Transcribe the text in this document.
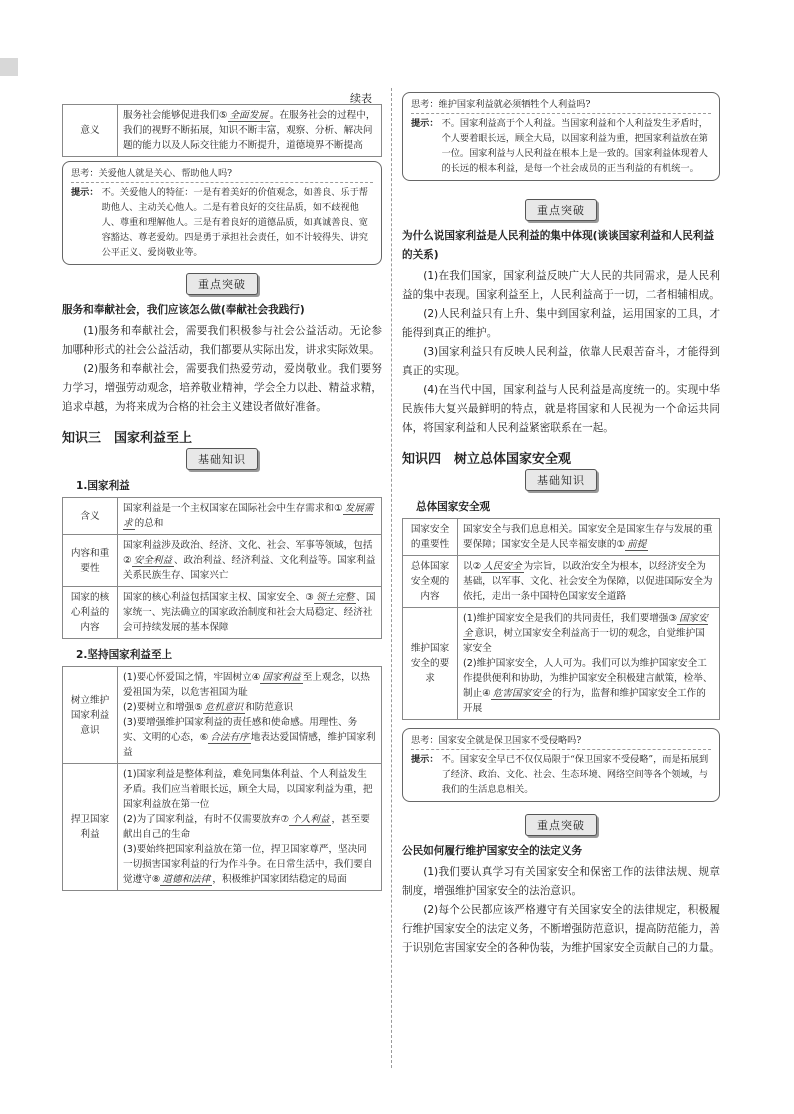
续表
意义	服务社会能够促进我们⑤ 全面发展 。在服务社会的过程中，我们的视野不断拓展，知识不断丰富，观察、分析、解决问题的能力以及人际交往能力不断提升，道德境界不断提高
思考：关爱他人就是关心、帮助他人吗?
提示： 不。关爱他人的特征：一是有着美好的价值观念，如善良、乐于帮助他人、主动关心他人。二是有着良好的交往品质，如不歧视他人、尊重和理解他人。三是有着良好的道德品质，如真诚善良、宽容豁达、尊老爱幼。四是勇于承担社会责任，如不计较得失、讲究公平正义、爱岗敬业等。
重点突破
服务和奉献社会，我们应该怎么做(奉献社会我践行)

(1)服务和奉献社会，需要我们积极参与社会公益活动。无论参加哪种形式的社会公益活动，我们都要从实际出发，讲求实际效果。

(2)服务和奉献社会，需要我们热爱劳动，爱岗敬业。我们要努力学习，增强劳动观念，培养敬业精神，学会全力以赴、精益求精，追求卓越，为将来成为合格的社会主义建设者做好准备。

知识三　国家利益至上
基础知识
1.国家利益
含义	国家利益是一个主权国家在国际社会中生存需求和① 发展需求 的总和
内容和重要性	国家利益涉及政治、经济、文化、社会、军事等领域，包括② 安全利益 、政治利益、经济利益、文化利益等。国家利益关系民族生存、国家兴亡
国家的核心利益的内容	国家的核心利益包括国家主权、国家安全、③ 领土完整 、国家统一、宪法确立的国家政治制度和社会大局稳定、经济社会可持续发展的基本保障
2.坚持国家利益至上
树立维护国家利益意识	(1)要心怀爱国之情，牢固树立④ 国家利益 至上观念，以热爱祖国为荣，以危害祖国为耻
(2)要树立和增强⑤ 危机意识 和防范意识
(3)要增强维护国家利益的责任感和使命感。用理性、务实、文明的心态，⑥ 合法有序 地表达爱国情感，维护国家利益

捍卫国家利益	(1)国家利益是整体利益，难免同集体利益、个人利益发生矛盾。我们应当着眼长远，顾全大局，以国家利益为重，把国家利益放在第一位
(2)为了国家利益，有时不仅需要放弃⑦ 个人利益 ，甚至要献出自己的生命
(3)要始终把国家利益放在第一位，捍卫国家尊严，坚决同一切损害国家利益的行为作斗争。在日常生活中，我们要自觉遵守⑧ 道德和法律 ，积极维护国家团结稳定的局面
思考：维护国家利益就必须牺牲个人利益吗?
提示： 不。国家利益高于个人利益。当国家利益和个人利益发生矛盾时，个人要着眼长远，顾全大局，以国家利益为重，把国家利益放在第一位。国家利益与人民利益在根本上是一致的。国家利益体现着人的长远的根本利益，是每一个社会成员的正当利益的有机统一。
重点突破
为什么说国家利益是人民利益的集中体现(谈谈国家利益和人民利益的关系)

(1)在我们国家，国家利益反映广大人民的共同需求，是人民利益的集中表现。国家利益至上，人民利益高于一切，二者相辅相成。

(2)人民利益只有上升、集中到国家利益，运用国家的工具，才能得到真正的维护。

(3)国家利益只有反映人民利益，依靠人民艰苦奋斗，才能得到真正的实现。

(4)在当代中国，国家利益与人民利益是高度统一的。实现中华民族伟大复兴最鲜明的特点，就是将国家和人民视为一个命运共同体，将国家利益和人民利益紧密联系在一起。

知识四　树立总体国家安全观
基础知识
总体国家安全观
国家安全的重要性	国家安全与我们息息相关。国家安全是国家生存与发展的重要保障；国家安全是人民幸福安康的① 前提
总体国家安全观的内容	以② 人民安全 为宗旨，以政治安全为根本，以经济安全为基础，以军事、文化、社会安全为保障，以促进国际安全为依托，走出一条中国特色国家安全道路
维护国家安全的要求	(1)维护国家安全是我们的共同责任，我们要增强③ 国家安全 意识，树立国家安全利益高于一切的观念，自觉维护国家安全
(2)维护国家安全，人人可为。我们可以为维护国家安全工作提供便利和协助，为维护国家安全积极建言献策，检举、制止④ 危害国家安全 的行为，监督和维护国家安全工作的开展
思考：国家安全就是保卫国家不受侵略吗?
提示： 不。国家安全早已不仅仅局限于“保卫国家不受侵略”，而是拓展到了经济、政治、文化、社会、生态环境、网络空间等各个领域，与我们的生活息息相关。
重点突破
公民如何履行维护国家安全的法定义务

(1)我们要认真学习有关国家安全和保密工作的法律法规、规章制度，增强维护国家安全的法治意识。

(2)每个公民都应该严格遵守有关国家安全的法律规定，积极履行维护国家安全的法定义务，不断增强防范意识，提高防范能力，善于识别危害国家安全的各种伪装，为维护国家安全贡献自己的力量。
